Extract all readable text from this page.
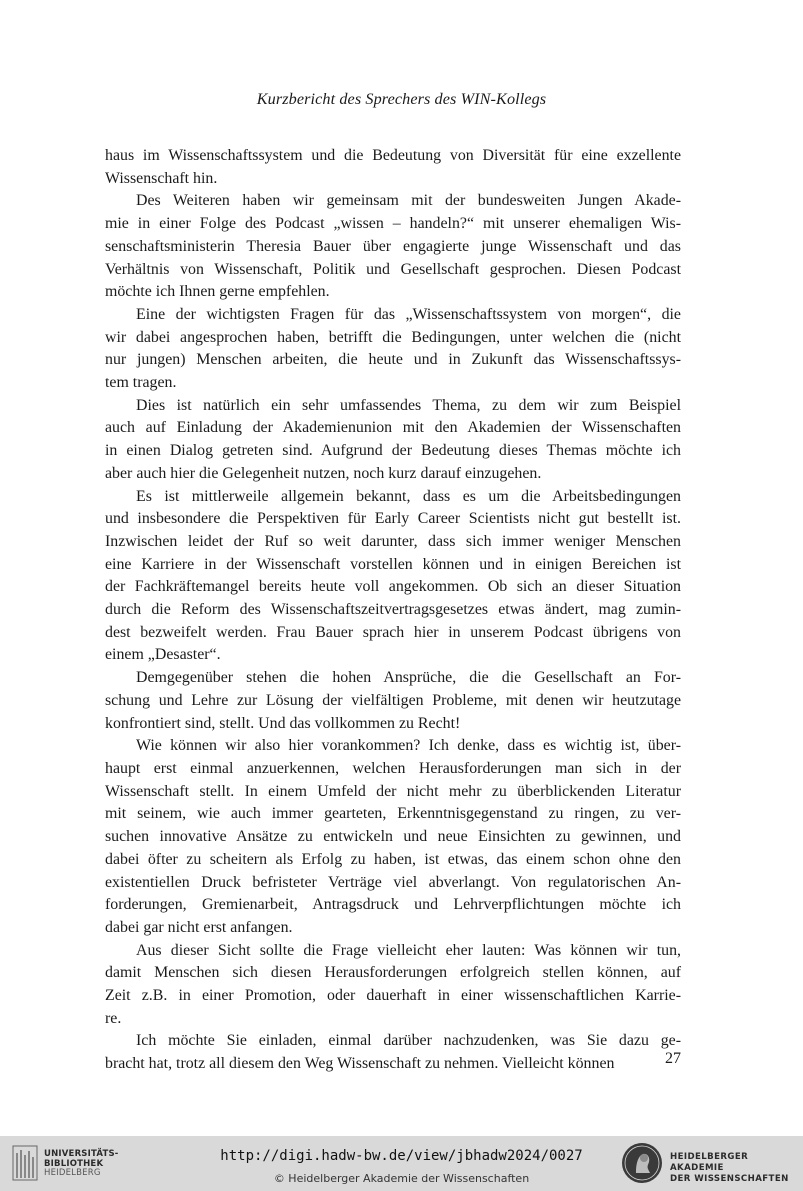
Kurzbericht des Sprechers des WIN-Kollegs

haus im Wissenschaftssystem und die Bedeutung von Diversität für eine exzellente
Wissenschaft hin.

Des Weiteren haben wir gemeinsam mit der bundesweiten Jungen Akade-
mie in einer Folge des Podcast „wissen – handeln?“ mit unserer ehemaligen Wis-
senschaftsministerin Theresia Bauer über engagierte junge Wissenschaft und das
Verhältnis von Wissenschaft, Politik und Gesellschaft gesprochen. Diesen Podcast
möchte ich Ihnen gerne empfehlen.

Eine der wichtigsten Fragen für das „Wissenschaftssystem von morgen“, die
wir dabei angesprochen haben, betrifft die Bedingungen, unter welchen die (nicht
nur jungen) Menschen arbeiten, die heute und in Zukunft das Wissenschaftssys-
tem tragen.

Dies ist natürlich ein sehr umfassendes Thema, zu dem wir zum Beispiel
auch auf Einladung der Akademienunion mit den Akademien der Wissenschaften
in einen Dialog getreten sind. Aufgrund der Bedeutung dieses Themas möchte ich
aber auch hier die Gelegenheit nutzen, noch kurz darauf einzugehen.

Es ist mittlerweile allgemein bekannt, dass es um die Arbeitsbedingungen
und insbesondere die Perspektiven für Early Career Scientists nicht gut bestellt ist.
Inzwischen leidet der Ruf so weit darunter, dass sich immer weniger Menschen
eine Karriere in der Wissenschaft vorstellen können und in einigen Bereichen ist
der Fachkräftemangel bereits heute voll angekommen. Ob sich an dieser Situation
durch die Reform des Wissenschaftszeitvertragsgesetzes etwas ändert, mag zumin-
dest bezweifelt werden. Frau Bauer sprach hier in unserem Podcast übrigens von
einem „Desaster“.

Demgegenüber stehen die hohen Ansprüche, die die Gesellschaft an For-
schung und Lehre zur Lösung der vielfältigen Probleme, mit denen wir heutzutage
konfrontiert sind, stellt. Und das vollkommen zu Recht!

Wie können wir also hier vorankommen? Ich denke, dass es wichtig ist, über-
haupt erst einmal anzuerkennen, welchen Herausforderungen man sich in der
Wissenschaft stellt. In einem Umfeld der nicht mehr zu überblickenden Literatur
mit seinem, wie auch immer gearteten, Erkenntnisgegenstand zu ringen, zu ver-
suchen innovative Ansätze zu entwickeln und neue Einsichten zu gewinnen, und
dabei öfter zu scheitern als Erfolg zu haben, ist etwas, das einem schon ohne den
existentiellen Druck befristeter Verträge viel abverlangt. Von regulatorischen An-
forderungen, Gremienarbeit, Antragsdruck und Lehrverpflichtungen möchte ich
dabei gar nicht erst anfangen.

Aus dieser Sicht sollte die Frage vielleicht eher lauten: Was können wir tun,
damit Menschen sich diesen Herausforderungen erfolgreich stellen können, auf
Zeit z.B. in einer Promotion, oder dauerhaft in einer wissenschaftlichen Karrie-
re.

Ich möchte Sie einladen, einmal darüber nachzudenken, was Sie dazu ge-
bracht hat, trotz all diesem den Weg Wissenschaft zu nehmen. Vielleicht können	27
UNIVERSITÄTS-
BIBLIOTHEK
HEIDELBERG
http://digi.hadw-bw.de/view/jbhadw2024/0027
© Heidelberger Akademie der Wissenschaften
HEIDELBERGER AKADEMIE
DER WISSENSCHAFTEN
